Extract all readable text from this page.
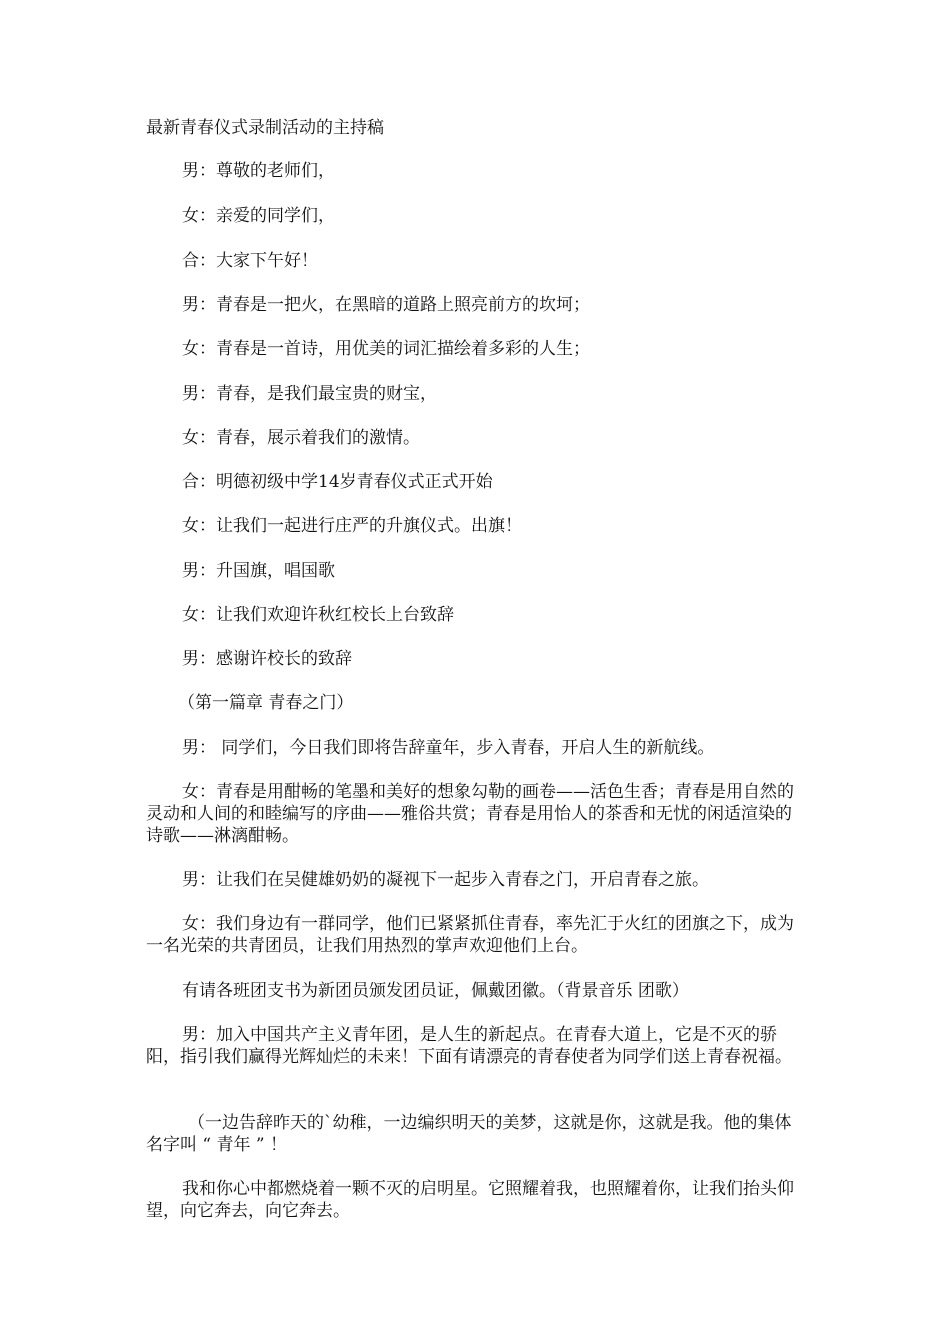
最新青春仪式录制活动的主持稿

男：尊敬的老师们，

女：亲爱的同学们，

合：大家下午好！

男：青春是一把火，在黑暗的道路上照亮前方的坎坷；

女：青春是一首诗，用优美的词汇描绘着多彩的人生；

男：青春，是我们最宝贵的财宝，

女：青春，展示着我们的激情。

合：明德初级中学14岁青春仪式正式开始

女：让我们一起进行庄严的升旗仪式。出旗！

男：升国旗，唱国歌

女：让我们欢迎许秋红校长上台致辞

男：感谢许校长的致辞

（第一篇章 青春之门）

男： 同学们，今日我们即将告辞童年，步入青春，开启人生的新航线。

女：青春是用酣畅的笔墨和美好的想象勾勒的画卷——活色生香；青春是用自然的灵动和人间的和睦编写的序曲——雅俗共赏；青春是用怡人的茶香和无忧的闲适渲染的诗歌——淋漓酣畅。

男：让我们在吴健雄奶奶的凝视下一起步入青春之门，开启青春之旅。

女：我们身边有一群同学，他们已紧紧抓住青春，率先汇于火红的团旗之下，成为一名光荣的共青团员，让我们用热烈的掌声欢迎他们上台。

有请各班团支书为新团员颁发团员证，佩戴团徽。（背景音乐 团歌）

男：加入中国共产主义青年团，是人生的新起点。在青春大道上，它是不灭的骄阳，指引我们赢得光辉灿烂的未来！下面有请漂亮的青春使者为同学们送上青春祝福。

（一边告辞昨天的`幼稚，一边编织明天的美梦，这就是你，这就是我。他的集体名字叫 “ 青年 ” ！

我和你心中都燃烧着一颗不灭的启明星。它照耀着我，也照耀着你，让我们抬头仰望，向它奔去，向它奔去。
